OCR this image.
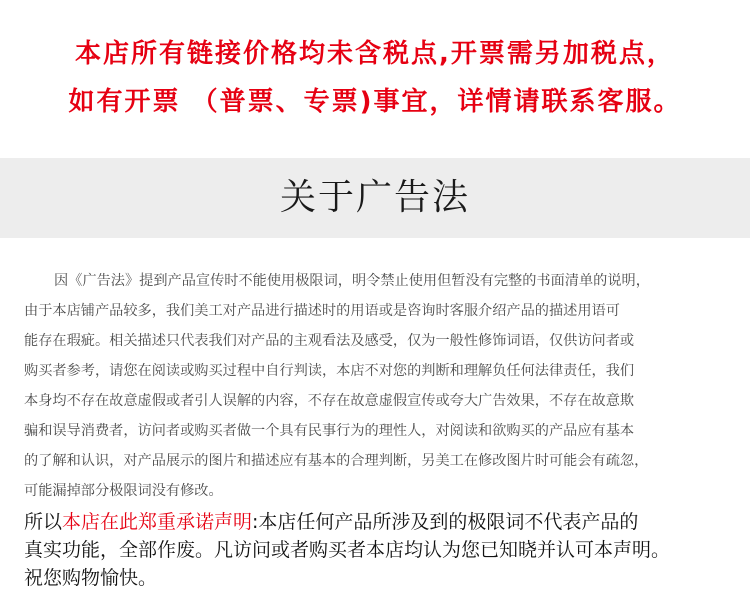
本店所有链接价格均未含税点,开票需另加税点，
如有开票 （普票、专票)事宜，详情请联系客服。
关于广告法
因《广告法》提到产品宣传时不能使用极限词，明令禁止使用但暂没有完整的书面清单的说明，
由于本店铺产品较多，我们美工对产品进行描述时的用语或是咨询时客服介绍产品的描述用语可
能存在瑕疵。相关描述只代表我们对产品的主观看法及感受，仅为一般性修饰词语，仅供访问者或
购买者参考，请您在阅读或购买过程中自行判读，本店不对您的判断和理解负任何法律责任，我们
本身均不存在故意虚假或者引人误解的内容，不存在故意虚假宣传或夸大广告效果，不存在故意欺
骗和误导消费者，访问者或购买者做一个具有民事行为的理性人，对阅读和欲购买的产品应有基本
的了解和认识，对产品展示的图片和描述应有基本的合理判断，另美工在修改图片时可能会有疏忽，
可能漏掉部分极限词没有修改。
所以本店在此郑重承诺声明:本店任何产品所涉及到的极限词不代表产品的
真实功能，全部作废。凡访问或者购买者本店均认为您已知晓并认可本声明。
祝您购物愉快。
